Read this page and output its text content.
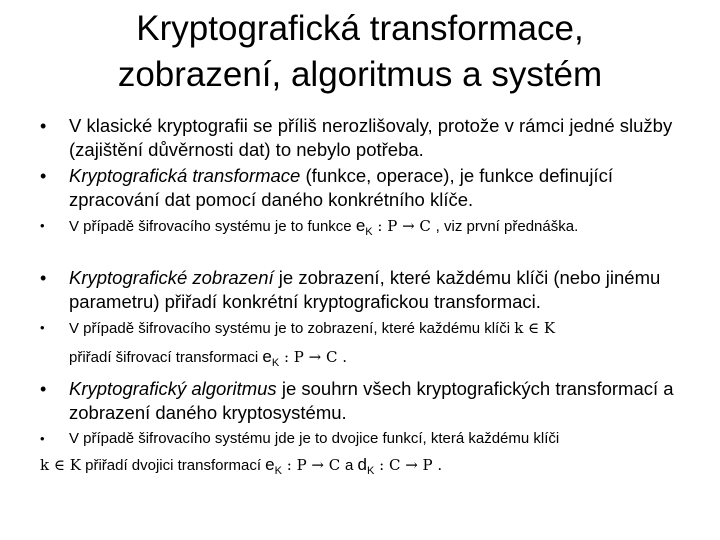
Kryptografická transformace,
zobrazení, algoritmus a systém
• V klasické kryptografii se příliš nerozlišovaly, protože v rámci jedné služby (zajištění důvěrnosti dat) to nebylo potřeba.
• Kryptografická transformace (funkce, operace), je funkce definující zpracování dat pomocí daného konkrétního klíče.
• V případě šifrovacího systému je to funkce $e_K$ : P → C , viz první přednáška.
• Kryptografické zobrazení je zobrazení, které každému klíči (nebo jinému parametru) přiřadí konkrétní kryptografickou transformaci.
• V případě šifrovacího systému je to zobrazení, které každému klíči k ∈ K
přiřadí šifrovací transformaci $e_K$ : P → C .
• Kryptografický algoritmus je souhrn všech kryptografických transformací a zobrazení daného kryptosystému.
• V případě šifrovacího systému jde je to dvojice funkcí, která každému klíči
k ∈ K přiřadí dvojici transformací $e_K$ : P → C a $d_K$ : C → P .
